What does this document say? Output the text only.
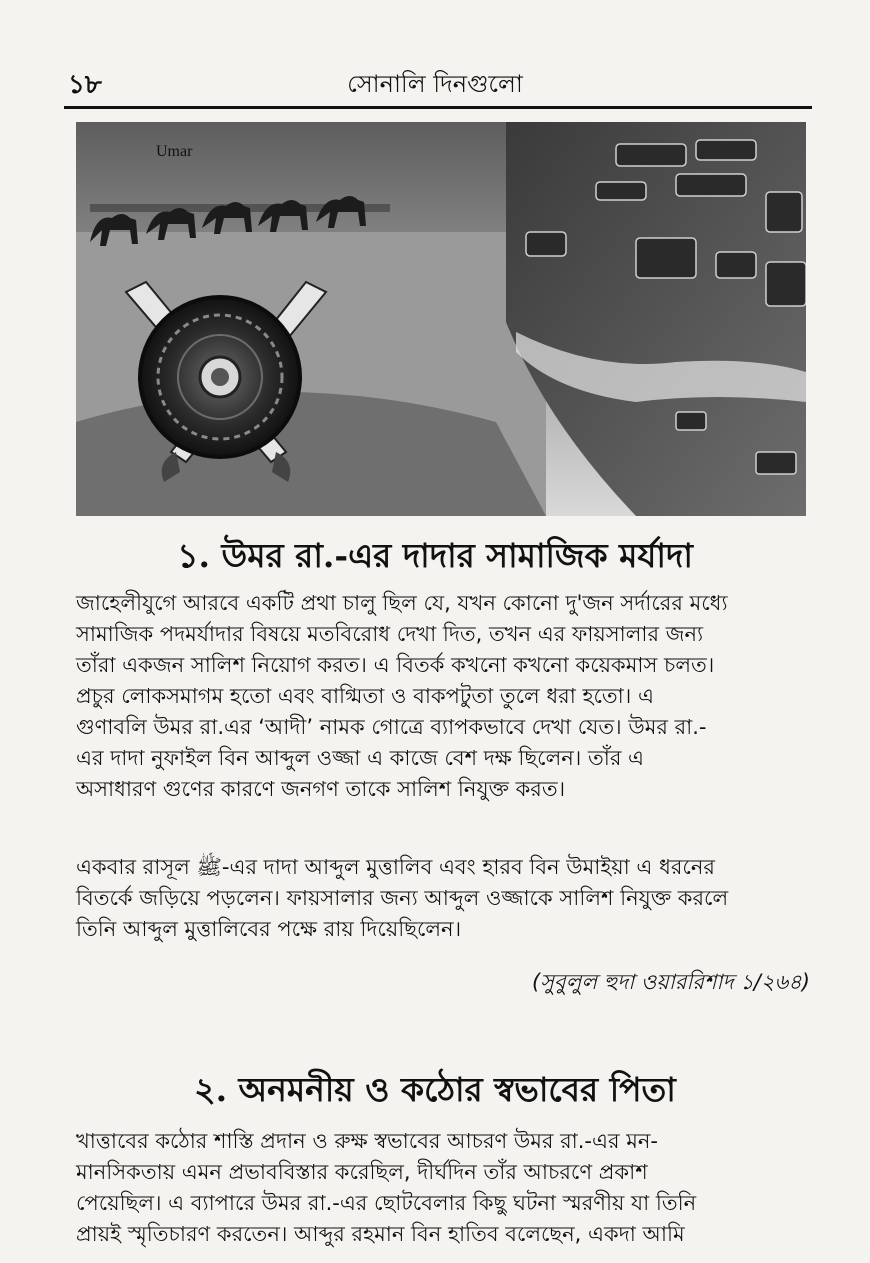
১৮	সোনালি দিনগুলো
Umar
১. উমর রা.-এর দাদার সামাজিক মর্যাদা

জাহেলীযুগে আরবে একটি প্রথা চালু ছিল যে, যখন কোনো দু'জন সর্দারের মধ্যে
সামাজিক পদমর্যাদার বিষয়ে মতবিরোধ দেখা দিত, তখন এর ফায়সালার জন্য
তাঁরা একজন সালিশ নিয়োগ করত। এ বিতর্ক কখনো কখনো কয়েকমাস চলত।
প্রচুর লোকসমাগম হতো এবং বাগ্মিতা ও বাকপটুতা তুলে ধরা হতো। এ
গুণাবলি উমর রা.এর ‘আদী’ নামক গোত্রে ব্যাপকভাবে দেখা যেত। উমর রা.-
এর দাদা নুফাইল বিন আব্দুল ওজ্জা এ কাজে বেশ দক্ষ ছিলেন। তাঁর এ
অসাধারণ গুণের কারণে জনগণ তাকে সালিশ নিযুক্ত করত।

একবার রাসূল ﷺ-এর দাদা আব্দুল মুত্তালিব এবং হারব বিন উমাইয়া এ ধরনের
বিতর্কে জড়িয়ে পড়লেন। ফায়সালার জন্য আব্দুল ওজ্জাকে সালিশ নিযুক্ত করলে
তিনি আব্দুল মুত্তালিবের পক্ষে রায় দিয়েছিলেন।

(সুবুলুল হুদা ওয়াররিশাদ ১/২৬৪)

২. অনমনীয় ও কঠোর স্বভাবের পিতা

খাত্তাবের কঠোর শাস্তি প্রদান ও রুক্ষ স্বভাবের আচরণ উমর রা.-এর মন-
মানসিকতায় এমন প্রভাববিস্তার করেছিল, দীর্ঘদিন তাঁর আচরণে প্রকাশ
পেয়েছিল। এ ব্যাপারে উমর রা.-এর ছোটবেলার কিছু ঘটনা স্মরণীয় যা তিনি
প্রায়ই স্মৃতিচারণ করতেন। আব্দুর রহমান বিন হাতিব বলেছেন, একদা আমি
